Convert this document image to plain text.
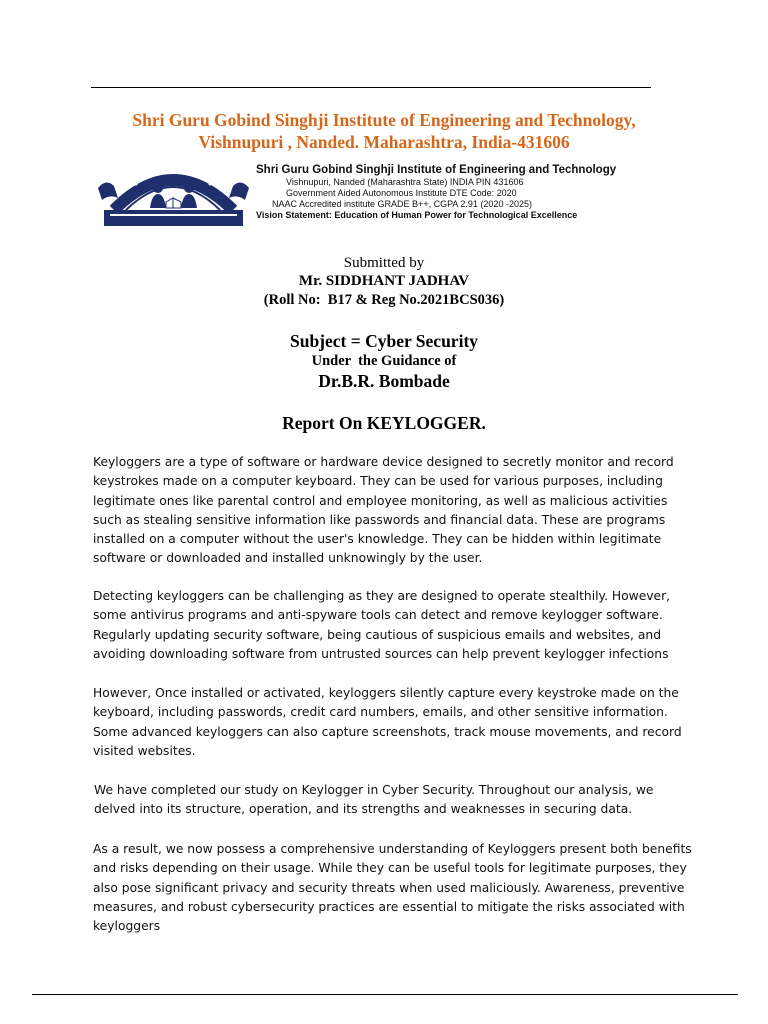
Shri Guru Gobind Singhji Institute of Engineering and Technology,
Vishnupuri , Nanded. Maharashtra, India-431606
Shri Guru Gobind Singhji Institute of Engineering and Technology
Vishnupuri, Nanded (Maharashtra State) INDIA PIN 431606
Government Aided Autonomous Institute DTE Code: 2020
NAAC Accredited institute GRADE B++, CGPA 2.91 (2020 -2025)
Vision Statement: Education of Human Power for Technological Excellence
Submitted by
Mr. SIDDHANT JADHAV
(Roll No:  B17 & Reg No.2021BCS036)
Subject = Cyber Security
Under  the Guidance of
Dr.B.R. Bombade
Report On KEYLOGGER.

Keyloggers are a type of software or hardware device designed to secretly monitor and record keystrokes made on a computer keyboard. They can be used for various purposes, including legitimate ones like parental control and employee monitoring, as well as malicious activities such as stealing sensitive information like passwords and financial data. These are programs installed on a computer without the user's knowledge. They can be hidden within legitimate software or downloaded and installed unknowingly by the user.

Detecting keyloggers can be challenging as they are designed to operate stealthily. However, some antivirus programs and anti-spyware tools can detect and remove keylogger software. Regularly updating security software, being cautious of suspicious emails and websites, and avoiding downloading software from untrusted sources can help prevent keylogger infections

However, Once installed or activated, keyloggers silently capture every keystroke made on the keyboard, including passwords, credit card numbers, emails, and other sensitive information. Some advanced keyloggers can also capture screenshots, track mouse movements, and record visited websites.

We have completed our study on Keylogger in Cyber Security. Throughout our analysis, we delved into its structure, operation, and its strengths and weaknesses in securing data.

As a result, we now possess a comprehensive understanding of Keyloggers present both benefits and risks depending on their usage. While they can be useful tools for legitimate purposes, they also pose significant privacy and security threats when used maliciously. Awareness, preventive measures, and robust cybersecurity practices are essential to mitigate the risks associated with keyloggers
